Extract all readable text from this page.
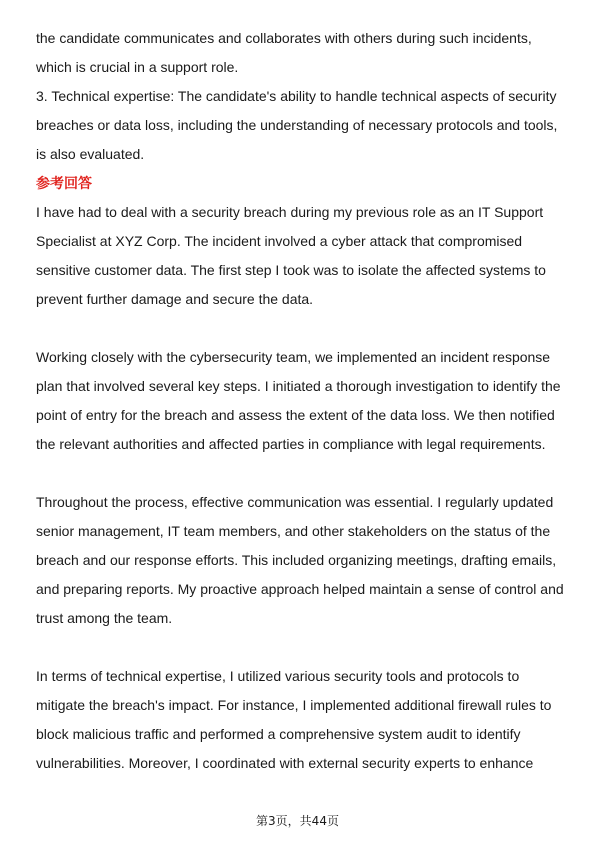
the candidate communicates and collaborates with others during such incidents, which is crucial in a support role.

3. Technical expertise: The candidate's ability to handle technical aspects of security breaches or data loss, including the understanding of necessary protocols and tools, is also evaluated.

参考回答

I have had to deal with a security breach during my previous role as an IT Support Specialist at XYZ Corp. The incident involved a cyber attack that compromised sensitive customer data. The first step I took was to isolate the affected systems to prevent further damage and secure the data.

Working closely with the cybersecurity team, we implemented an incident response plan that involved several key steps. I initiated a thorough investigation to identify the point of entry for the breach and assess the extent of the data loss. We then notified the relevant authorities and affected parties in compliance with legal requirements.

Throughout the process, effective communication was essential. I regularly updated senior management, IT team members, and other stakeholders on the status of the breach and our response efforts. This included organizing meetings, drafting emails, and preparing reports. My proactive approach helped maintain a sense of control and trust among the team.

In terms of technical expertise, I utilized various security tools and protocols to mitigate the breach's impact. For instance, I implemented additional firewall rules to block malicious traffic and performed a comprehensive system audit to identify vulnerabilities. Moreover, I coordinated with external security experts to enhance

第3页，共44页
